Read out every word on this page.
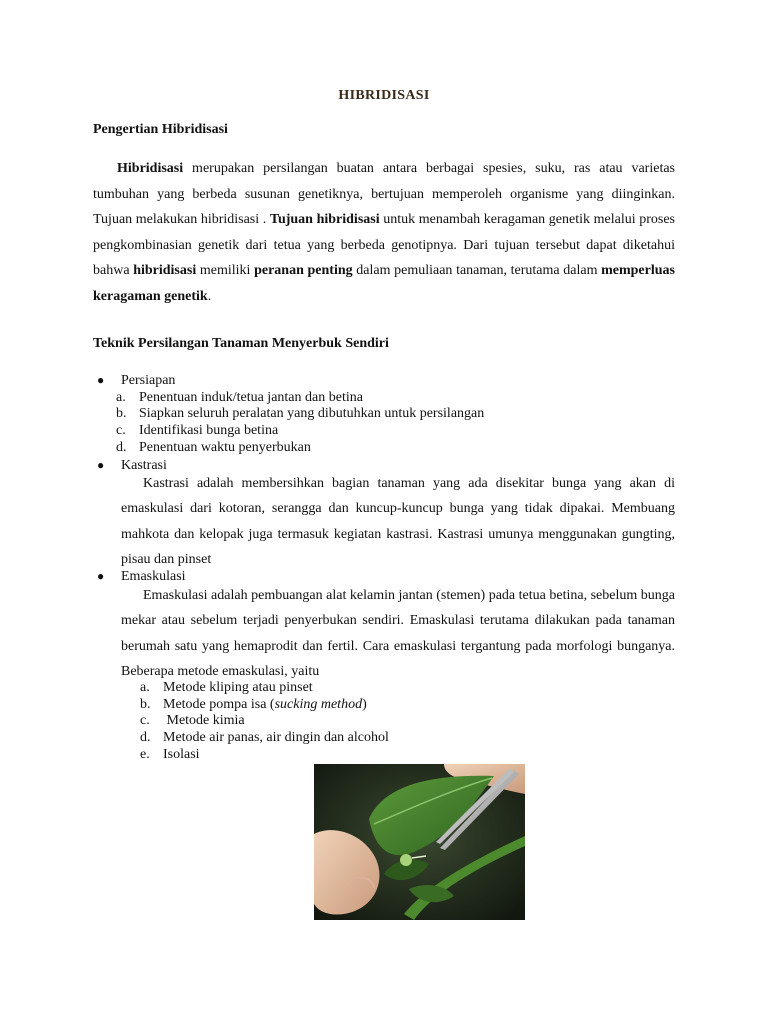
HIBRIDISASI
Pengertian Hibridisasi
Hibridisasi merupakan persilangan buatan antara berbagai spesies, suku, ras atau varietas tumbuhan yang berbeda susunan genetiknya, bertujuan memperoleh organisme yang diinginkan. Tujuan melakukan hibridisasi . Tujuan hibridisasi untuk menambah keragaman genetik melalui proses pengkombinasian genetik dari tetua yang berbeda genotipnya. Dari tujuan tersebut dapat diketahui bahwa hibridisasi memiliki peranan penting dalam pemuliaan tanaman, terutama dalam memperluas keragaman genetik.
Teknik Persilangan Tanaman Menyerbuk Sendiri
● Persiapan
a. Penentuan induk/tetua jantan dan betina
b. Siapkan seluruh peralatan yang dibutuhkan untuk persilangan
c. Identifikasi bunga betina
d. Penentuan waktu penyerbukan
● Kastrasi
Kastrasi adalah membersihkan bagian tanaman yang ada disekitar bunga yang akan di emaskulasi dari kotoran, serangga dan kuncup-kuncup bunga yang tidak dipakai. Membuang mahkota dan kelopak juga termasuk kegiatan kastrasi. Kastrasi umunya menggunakan gungting, pisau dan pinset
● Emaskulasi
Emaskulasi adalah pembuangan alat kelamin jantan (stemen) pada tetua betina, sebelum bunga mekar atau sebelum terjadi penyerbukan sendiri. Emaskulasi terutama dilakukan pada tanaman berumah satu yang hemaprodit dan fertil. Cara emaskulasi tergantung pada morfologi bunganya. Beberapa metode emaskulasi, yaitu
a. Metode kliping atau pinset
b. Metode pompa isa (sucking method)
c. Metode kimia
d. Metode air panas, air dingin dan alcohol
e. Isolasi
